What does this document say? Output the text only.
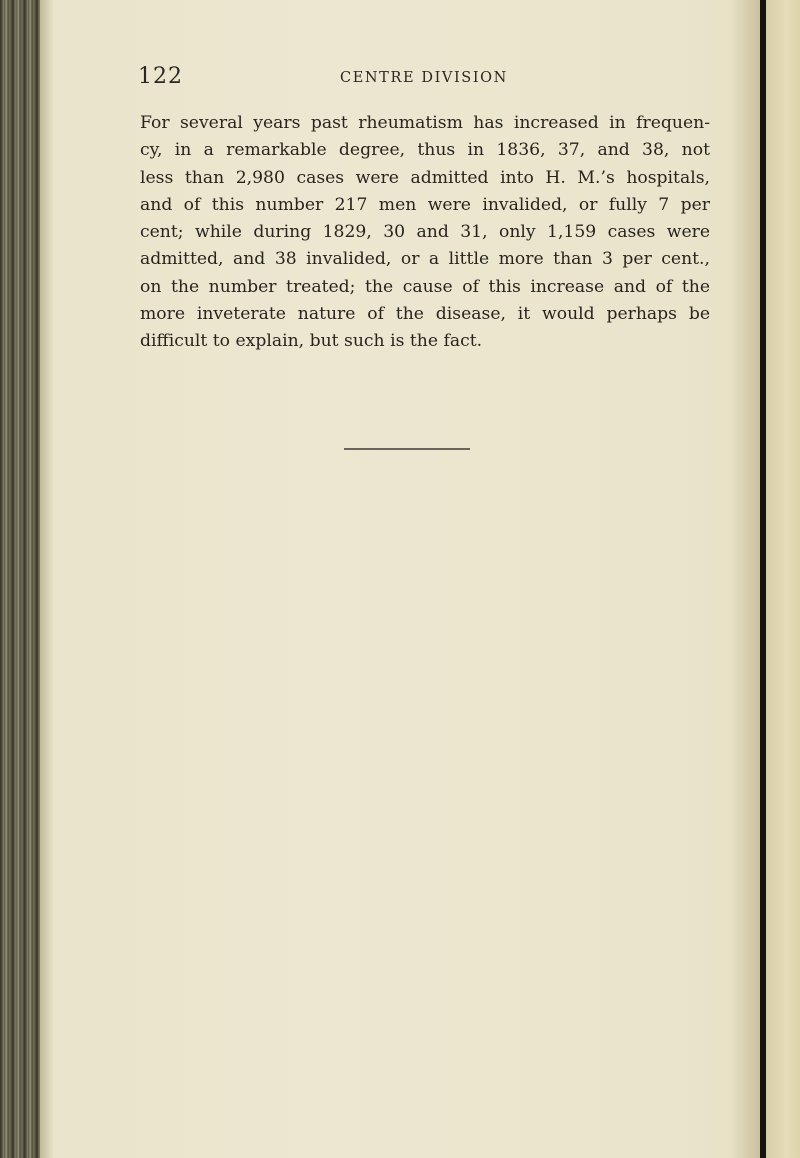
122	CENTRE DIVISION
For several years past rheumatism has increased in frequen-
cy, in a remarkable degree, thus in 1836, 37, and 38, not
less than 2,980 cases were admitted into H. M.’s hospitals,
and of this number 217 men were invalided, or fully 7 per
cent; while during 1829, 30 and 31, only 1,159 cases were
admitted, and 38 invalided, or a little more than 3 per cent.,
on the number treated; the cause of this increase and of the
more inveterate nature of the disease, it would perhaps be
difficult to explain, but such is the fact.
